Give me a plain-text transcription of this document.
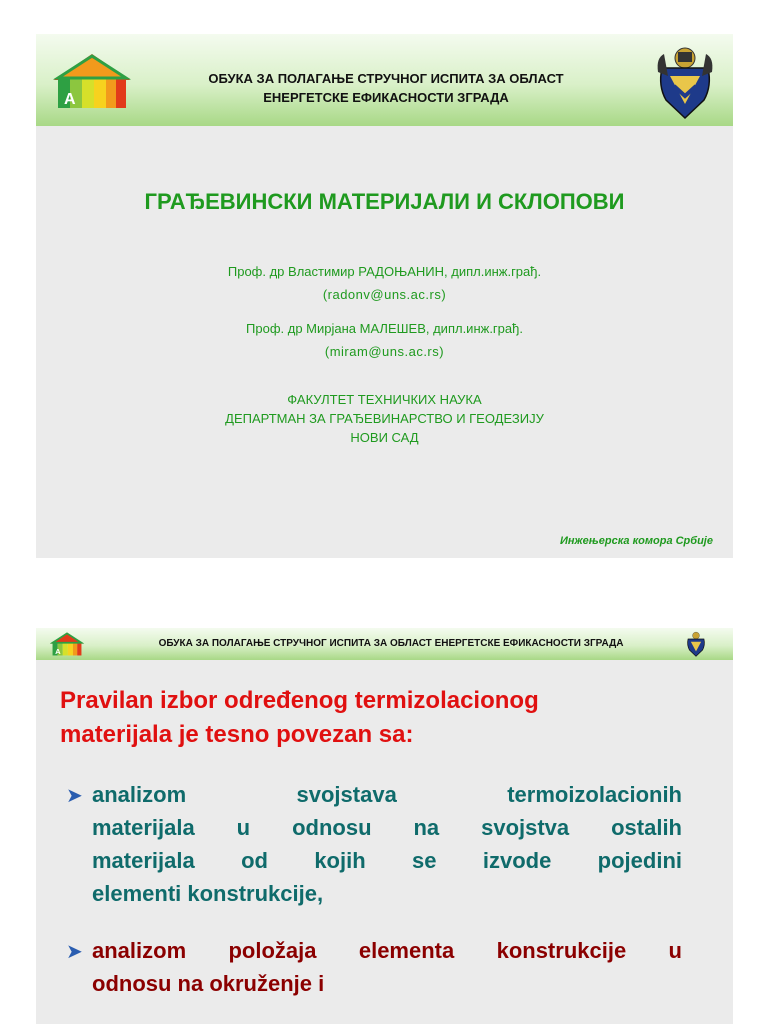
A
ОБУКА ЗА ПОЛАГАЊЕ СТРУЧНОГ ИСПИТА ЗА ОБЛАСТ
ЕНЕРГЕТСКЕ ЕФИКАСНОСТИ ЗГРАДА
ГРАЂЕВИНСКИ МАТЕРИЈАЛИ И СКЛОПОВИ
Проф. др Властимир РАДОЊАНИН, дипл.инж.грађ.
(radonv@uns.ac.rs)
Проф. др Мирјана МАЛЕШЕВ, дипл.инж.грађ.
(miram@uns.ac.rs)
ФАКУЛТЕТ ТЕХНИЧКИХ НАУКА
ДЕПАРТМАН ЗА ГРАЂЕВИНАРСТВО И ГЕОДЕЗИЈУ
НОВИ САД
Инжењерска комора Србије
A
ОБУКА ЗА ПОЛАГАЊЕ СТРУЧНОГ ИСПИТА ЗА ОБЛАСТ ЕНЕРГЕТСКЕ ЕФИКАСНОСТИ ЗГРАДА
Pravilan izbor određenog termizolacionog
materijala je tesno povezan sa:
➤ analizom svojstava termoizolacionih
materijala u odnosu na svojstva ostalih
materijala od kojih se izvode pojedini
elementi konstrukcije,
➤ analizom položaja elementa konstrukcije u
odnosu na okruženje i
